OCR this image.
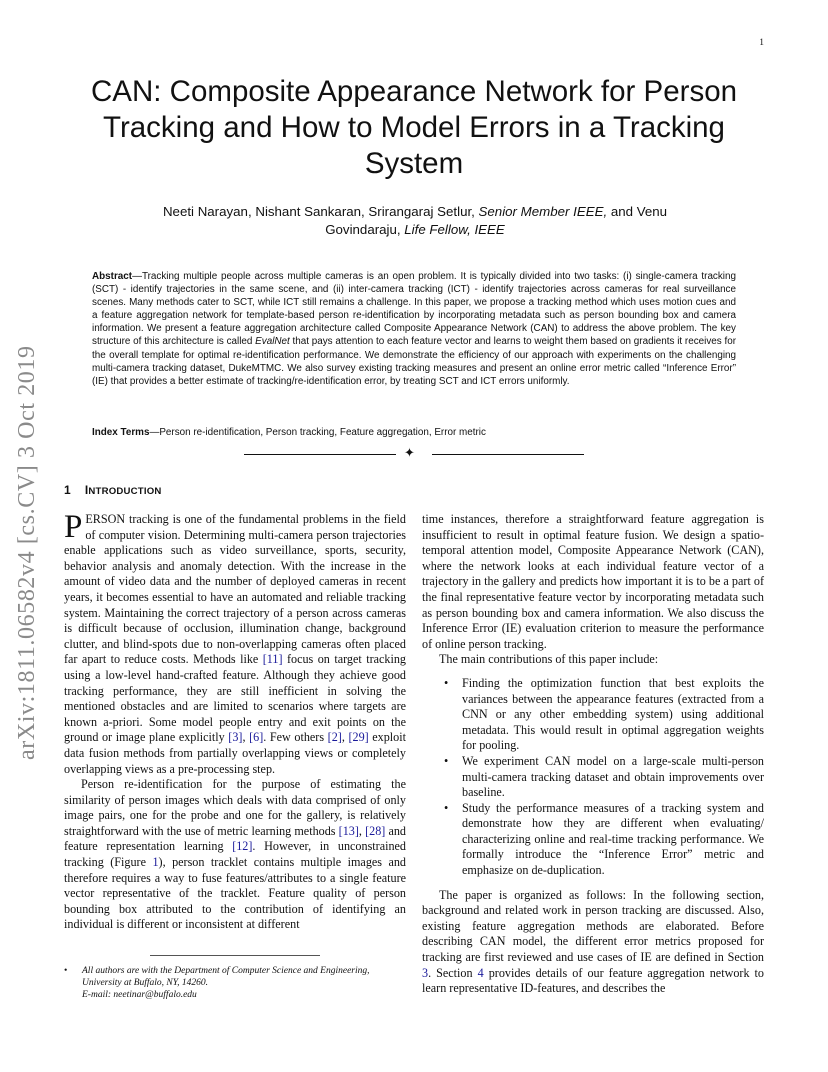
1
arXiv:1811.06582v4 [cs.CV] 3 Oct 2019
CAN: Composite Appearance Network for Person Tracking and How to Model Errors in a Tracking System
Neeti Narayan, Nishant Sankaran, Srirangaraj Setlur, Senior Member IEEE, and Venu
Govindaraju, Life Fellow, IEEE
Abstract—Tracking multiple people across multiple cameras is an open problem. It is typically divided into two tasks: (i) single-camera tracking (SCT) - identify trajectories in the same scene, and (ii) inter-camera tracking (ICT) - identify trajectories across cameras for real surveillance scenes. Many methods cater to SCT, while ICT still remains a challenge. In this paper, we propose a tracking method which uses motion cues and a feature aggregation network for template-based person re-identification by incorporating metadata such as person bounding box and camera information. We present a feature aggregation architecture called Composite Appearance Network (CAN) to address the above problem. The key structure of this architecture is called EvalNet that pays attention to each feature vector and learns to weight them based on gradients it receives for the overall template for optimal re-identification performance. We demonstrate the efficiency of our approach with experiments on the challenging multi-camera tracking dataset, DukeMTMC. We also survey existing tracking measures and present an online error metric called “Inference Error” (IE) that provides a better estimate of tracking/re-identification error, by treating SCT and ICT errors uniformly.
Index Terms—Person re-identification, Person tracking, Feature aggregation, Error metric
✦
1 INTRODUCTION

PERSON tracking is one of the fundamental problems in the field of computer vision. Determining multi-camera person trajectories enable applications such as video surveillance, sports, security, behavior analysis and anomaly detection. With the increase in the amount of video data and the number of deployed cameras in recent years, it becomes essential to have an automated and reliable tracking system. Maintaining the correct trajectory of a person across cameras is difficult because of occlusion, illumination change, background clutter, and blind-spots due to non-overlapping cameras often placed far apart to reduce costs. Methods like [11] focus on target tracking using a low-level hand-crafted feature. Although they achieve good tracking performance, they are still inefficient in solving the mentioned obstacles and are limited to scenarios where targets are known a-priori. Some model people entry and exit points on the ground or image plane explicitly [3], [6]. Few others [2], [29] exploit data fusion methods from partially overlapping views or completely overlapping views as a pre-processing step.

Person re-identification for the purpose of estimating the similarity of person images which deals with data comprised of only image pairs, one for the probe and one for the gallery, is relatively straightforward with the use of metric learning methods [13], [28] and feature representation learning [12]. However, in unconstrained tracking (Figure 1), person tracklet contains multiple images and therefore requires a way to fuse features/attributes to a single feature vector representative of the tracklet. Feature quality of person bounding box attributed to the contribution of identifying an individual is different or inconsistent at different

time instances, therefore a straightforward feature aggregation is insufficient to result in optimal feature fusion. We design a spatio-temporal attention model, Composite Appearance Network (CAN), where the network looks at each individual feature vector of a trajectory in the gallery and predicts how important it is to be a part of the final representative feature vector by incorporating metadata such as person bounding box and camera information. We also discuss the Inference Error (IE) evaluation criterion to measure the performance of online person tracking.

The main contributions of this paper include:

• Finding the optimization function that best exploits the variances between the appearance features (extracted from a CNN or any other embedding system) using additional metadata. This would result in optimal aggregation weights for pooling.
• We experiment CAN model on a large-scale multi-person multi-camera tracking dataset and obtain improvements over baseline.
• Study the performance measures of a tracking system and demonstrate how they are different when evaluating/ characterizing online and real-time tracking performance. We formally introduce the “Inference Error” metric and emphasize on de-duplication.

The paper is organized as follows: In the following section, background and related work in person tracking are discussed. Also, existing feature aggregation methods are elaborated. Before describing CAN model, the different error metrics proposed for tracking are first reviewed and use cases of IE are defined in Section 3. Section 4 provides details of our feature aggregation network to learn representative ID-features, and describes the

•	All authors are with the Department of Computer Science and Engineering, University at Buffalo, NY, 14260.
E-mail: neetinar@buffalo.edu
